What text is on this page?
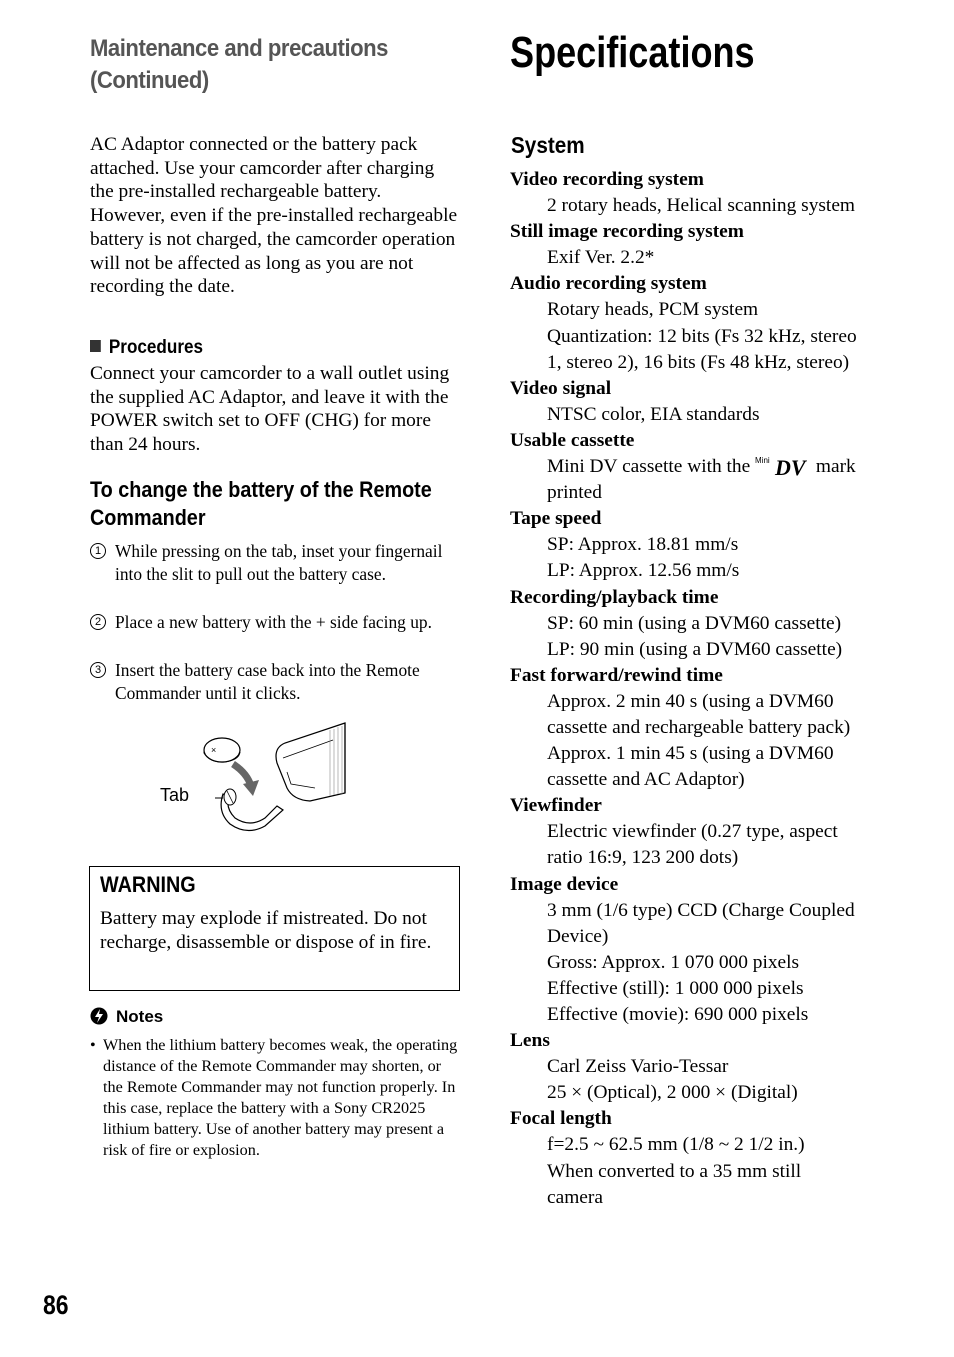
Maintenance and precautions
(Continued)
AC Adaptor connected or the battery pack attached. Use your camcorder after charging the pre-installed rechargeable battery.
However, even if the pre-installed rechargeable battery is not charged, the camcorder operation will not be affected as long as you are not recording the date.
Procedures
Connect your camcorder to a wall outlet using the supplied AC Adaptor, and leave it with the POWER switch set to OFF (CHG) for more than 24 hours.
To change the battery of the Remote
Commander
1 While pressing on the tab, inset your fingernail into the slit to pull out the battery case.
2 Place a new battery with the + side facing up.
3 Insert the battery case back into the Remote Commander until it clicks.
×
Tab
WARNING
Battery may explode if mistreated. Do not recharge, disassemble or dispose of in fire.
Notes
• When the lithium battery becomes weak, the operating distance of the Remote Commander may shorten, or the Remote Commander may not function properly. In this case, replace the battery with a Sony CR2025 lithium battery. Use of another battery may present a risk of fire or explosion.
86
Specifications
System
Video recording system
2 rotary heads, Helical scanning system
Still image recording system
Exif Ver. 2.2*
Audio recording system
Rotary heads, PCM system
Quantization: 12 bits (Fs 32 kHz, stereo
1, stereo 2), 16 bits (Fs 48 kHz, stereo)
Video signal
NTSC color, EIA standards
Usable cassette
Mini DV cassette with the Mini DV mark
printed
Tape speed
SP: Approx. 18.81 mm/s
LP: Approx. 12.56 mm/s
Recording/playback time
SP: 60 min (using a DVM60 cassette)
LP: 90 min (using a DVM60 cassette)
Fast forward/rewind time
Approx. 2 min 40 s (using a DVM60
cassette and rechargeable battery pack)
Approx. 1 min 45 s (using a DVM60
cassette and AC Adaptor)
Viewfinder
Electric viewfinder (0.27 type, aspect
ratio 16:9, 123 200 dots)
Image device
3 mm (1/6 type) CCD (Charge Coupled
Device)
Gross: Approx. 1 070 000 pixels
Effective (still): 1 000 000 pixels
Effective (movie): 690 000 pixels
Lens
Carl Zeiss Vario-Tessar
25 × (Optical), 2 000 × (Digital)
Focal length
f=2.5 ~ 62.5 mm (1/8 ~ 2 1/2 in.)
When converted to a 35 mm still
camera
